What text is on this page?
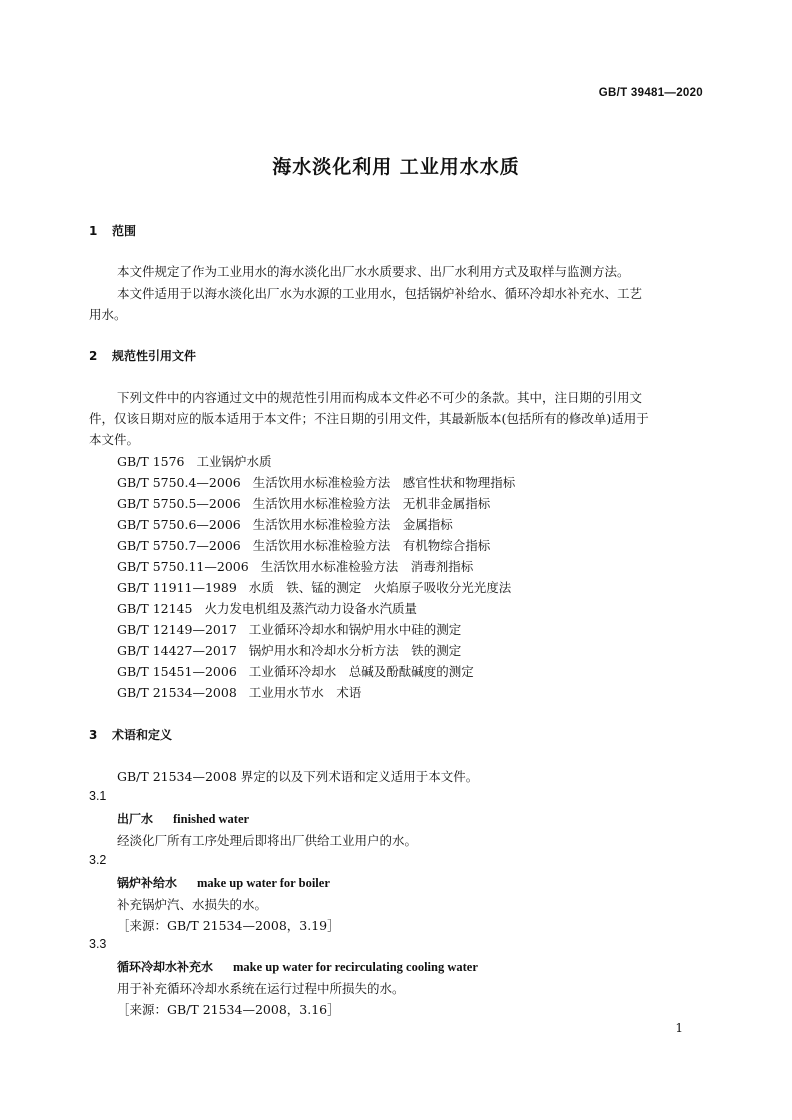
GB/T 39481—2020
海水淡化利用 工业用水水质
1 范围
本文件规定了作为工业用水的海水淡化出厂水水质要求、出厂水利用方式及取样与监测方法。
本文件适用于以海水淡化出厂水为水源的工业用水，包括锅炉补给水、循环冷却水补充水、工艺
用水。
2 规范性引用文件
下列文件中的内容通过文中的规范性引用而构成本文件必不可少的条款。其中，注日期的引用文
件，仅该日期对应的版本适用于本文件；不注日期的引用文件，其最新版本(包括所有的修改单)适用于
本文件。
GB/T 1576 工业锅炉水质
GB/T 5750.4—2006 生活饮用水标准检验方法　感官性状和物理指标
GB/T 5750.5—2006 生活饮用水标准检验方法　无机非金属指标
GB/T 5750.6—2006 生活饮用水标准检验方法　金属指标
GB/T 5750.7—2006 生活饮用水标准检验方法　有机物综合指标
GB/T 5750.11—2006 生活饮用水标准检验方法　消毒剂指标
GB/T 11911—1989 水质　铁、锰的测定　火焰原子吸收分光光度法
GB/T 12145 火力发电机组及蒸汽动力设备水汽质量
GB/T 12149—2017 工业循环冷却水和锅炉用水中硅的测定
GB/T 14427—2017 锅炉用水和冷却水分析方法　铁的测定
GB/T 15451—2006 工业循环冷却水　总碱及酚酞碱度的测定
GB/T 21534—2008 工业用水节水　术语
3 术语和定义
GB/T 21534—2008 界定的以及下列术语和定义适用于本文件。
3.1
出厂水 finished water
经淡化厂所有工序处理后即将出厂供给工业用户的水。
3.2
锅炉补给水 make up water for boiler
补充锅炉汽、水损失的水。
［来源：GB/T 21534—2008，3.19］
3.3
循环冷却水补充水 make up water for recirculating cooling water
用于补充循环冷却水系统在运行过程中所损失的水。
［来源：GB/T 21534—2008，3.16］
1
